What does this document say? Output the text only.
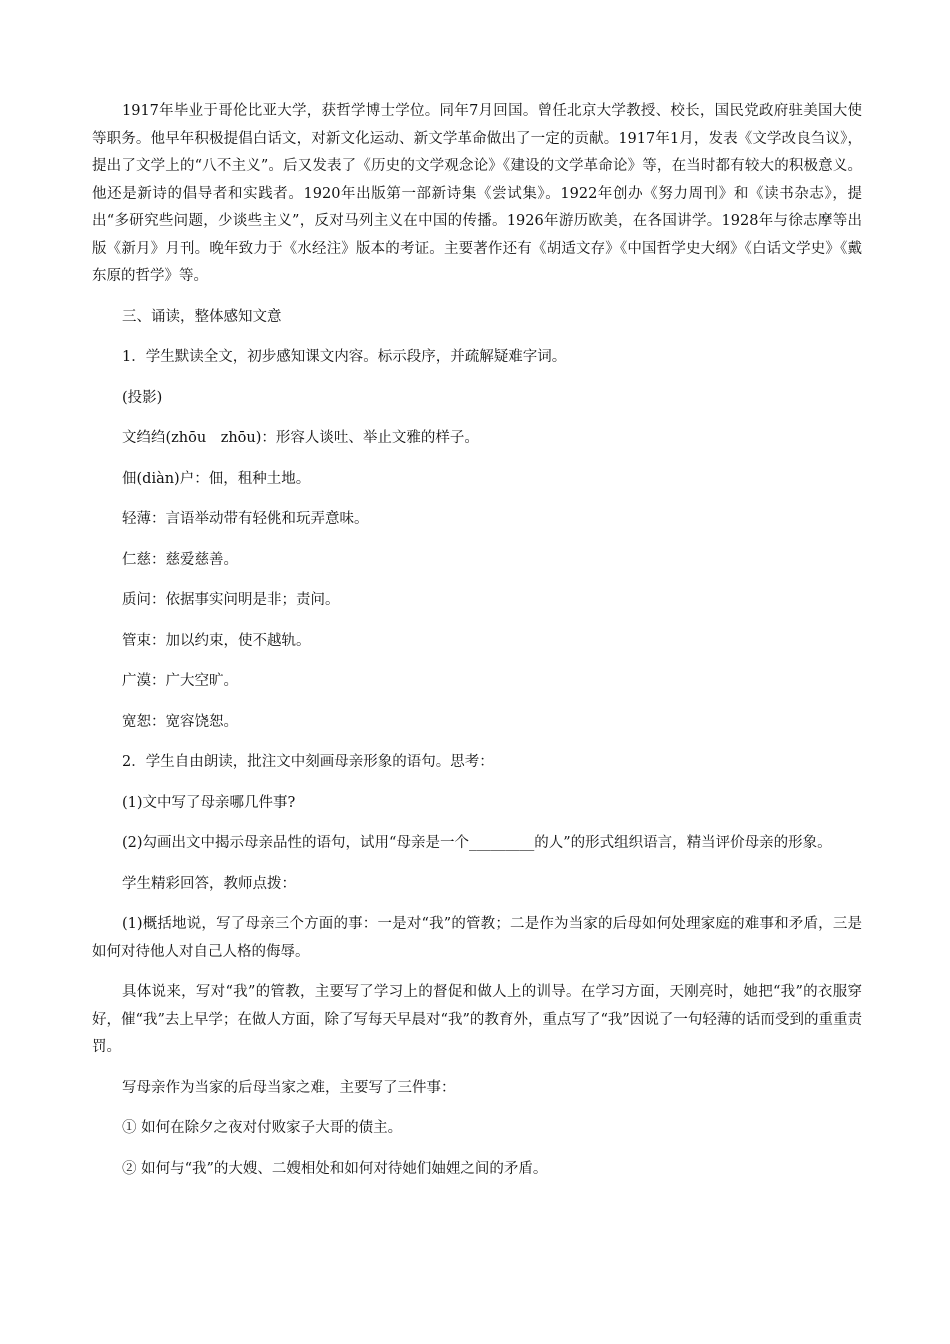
1917年毕业于哥伦比亚大学，获哲学博士学位。同年7月回国。曾任北京大学教授、校长，国民党政府驻美国大使等职务。他早年积极提倡白话文，对新文化运动、新文学革命做出了一定的贡献。1917年1月，发表《文学改良刍议》，提出了文学上的“八不主义”。后又发表了《历史的文学观念论》《建设的文学革命论》等，在当时都有较大的积极意义。他还是新诗的倡导者和实践者。1920年出版第一部新诗集《尝试集》。1922年创办《努力周刊》和《读书杂志》，提出“多研究些问题，少谈些主义”，反对马列主义在中国的传播。1926年游历欧美，在各国讲学。1928年与徐志摩等出版《新月》月刊。晚年致力于《水经注》版本的考证。主要著作还有《胡适文存》《中国哲学史大纲》《白话文学史》《戴东原的哲学》等。

三、诵读，整体感知文意

1．学生默读全文，初步感知课文内容。标示段序，并疏解疑难字词。

(投影)

文绉绉(zhōu　zhōu)：形容人谈吐、举止文雅的样子。

佃(diàn)户：佃，租种土地。

轻薄：言语举动带有轻佻和玩弄意味。

仁慈：慈爱慈善。

质问：依据事实问明是非；责问。

管束：加以约束，使不越轨。

广漠：广大空旷。

宽恕：宽容饶恕。

2．学生自由朗读，批注文中刻画母亲形象的语句。思考：

(1)文中写了母亲哪几件事?

(2)勾画出文中揭示母亲品性的语句，试用“母亲是一个_________的人”的形式组织语言，精当评价母亲的形象。

学生精彩回答，教师点拨：

(1)概括地说，写了母亲三个方面的事：一是对“我”的管教；二是作为当家的后母如何处理家庭的难事和矛盾，三是如何对待他人对自己人格的侮辱。

具体说来，写对“我”的管教，主要写了学习上的督促和做人上的训导。在学习方面，天刚亮时，她把“我”的衣服穿好，催“我”去上早学；在做人方面，除了写每天早晨对“我”的教育外，重点写了“我”因说了一句轻薄的话而受到的重重责罚。

写母亲作为当家的后母当家之难，主要写了三件事：

① 如何在除夕之夜对付败家子大哥的债主。

② 如何与“我”的大嫂、二嫂相处和如何对待她们妯娌之间的矛盾。
